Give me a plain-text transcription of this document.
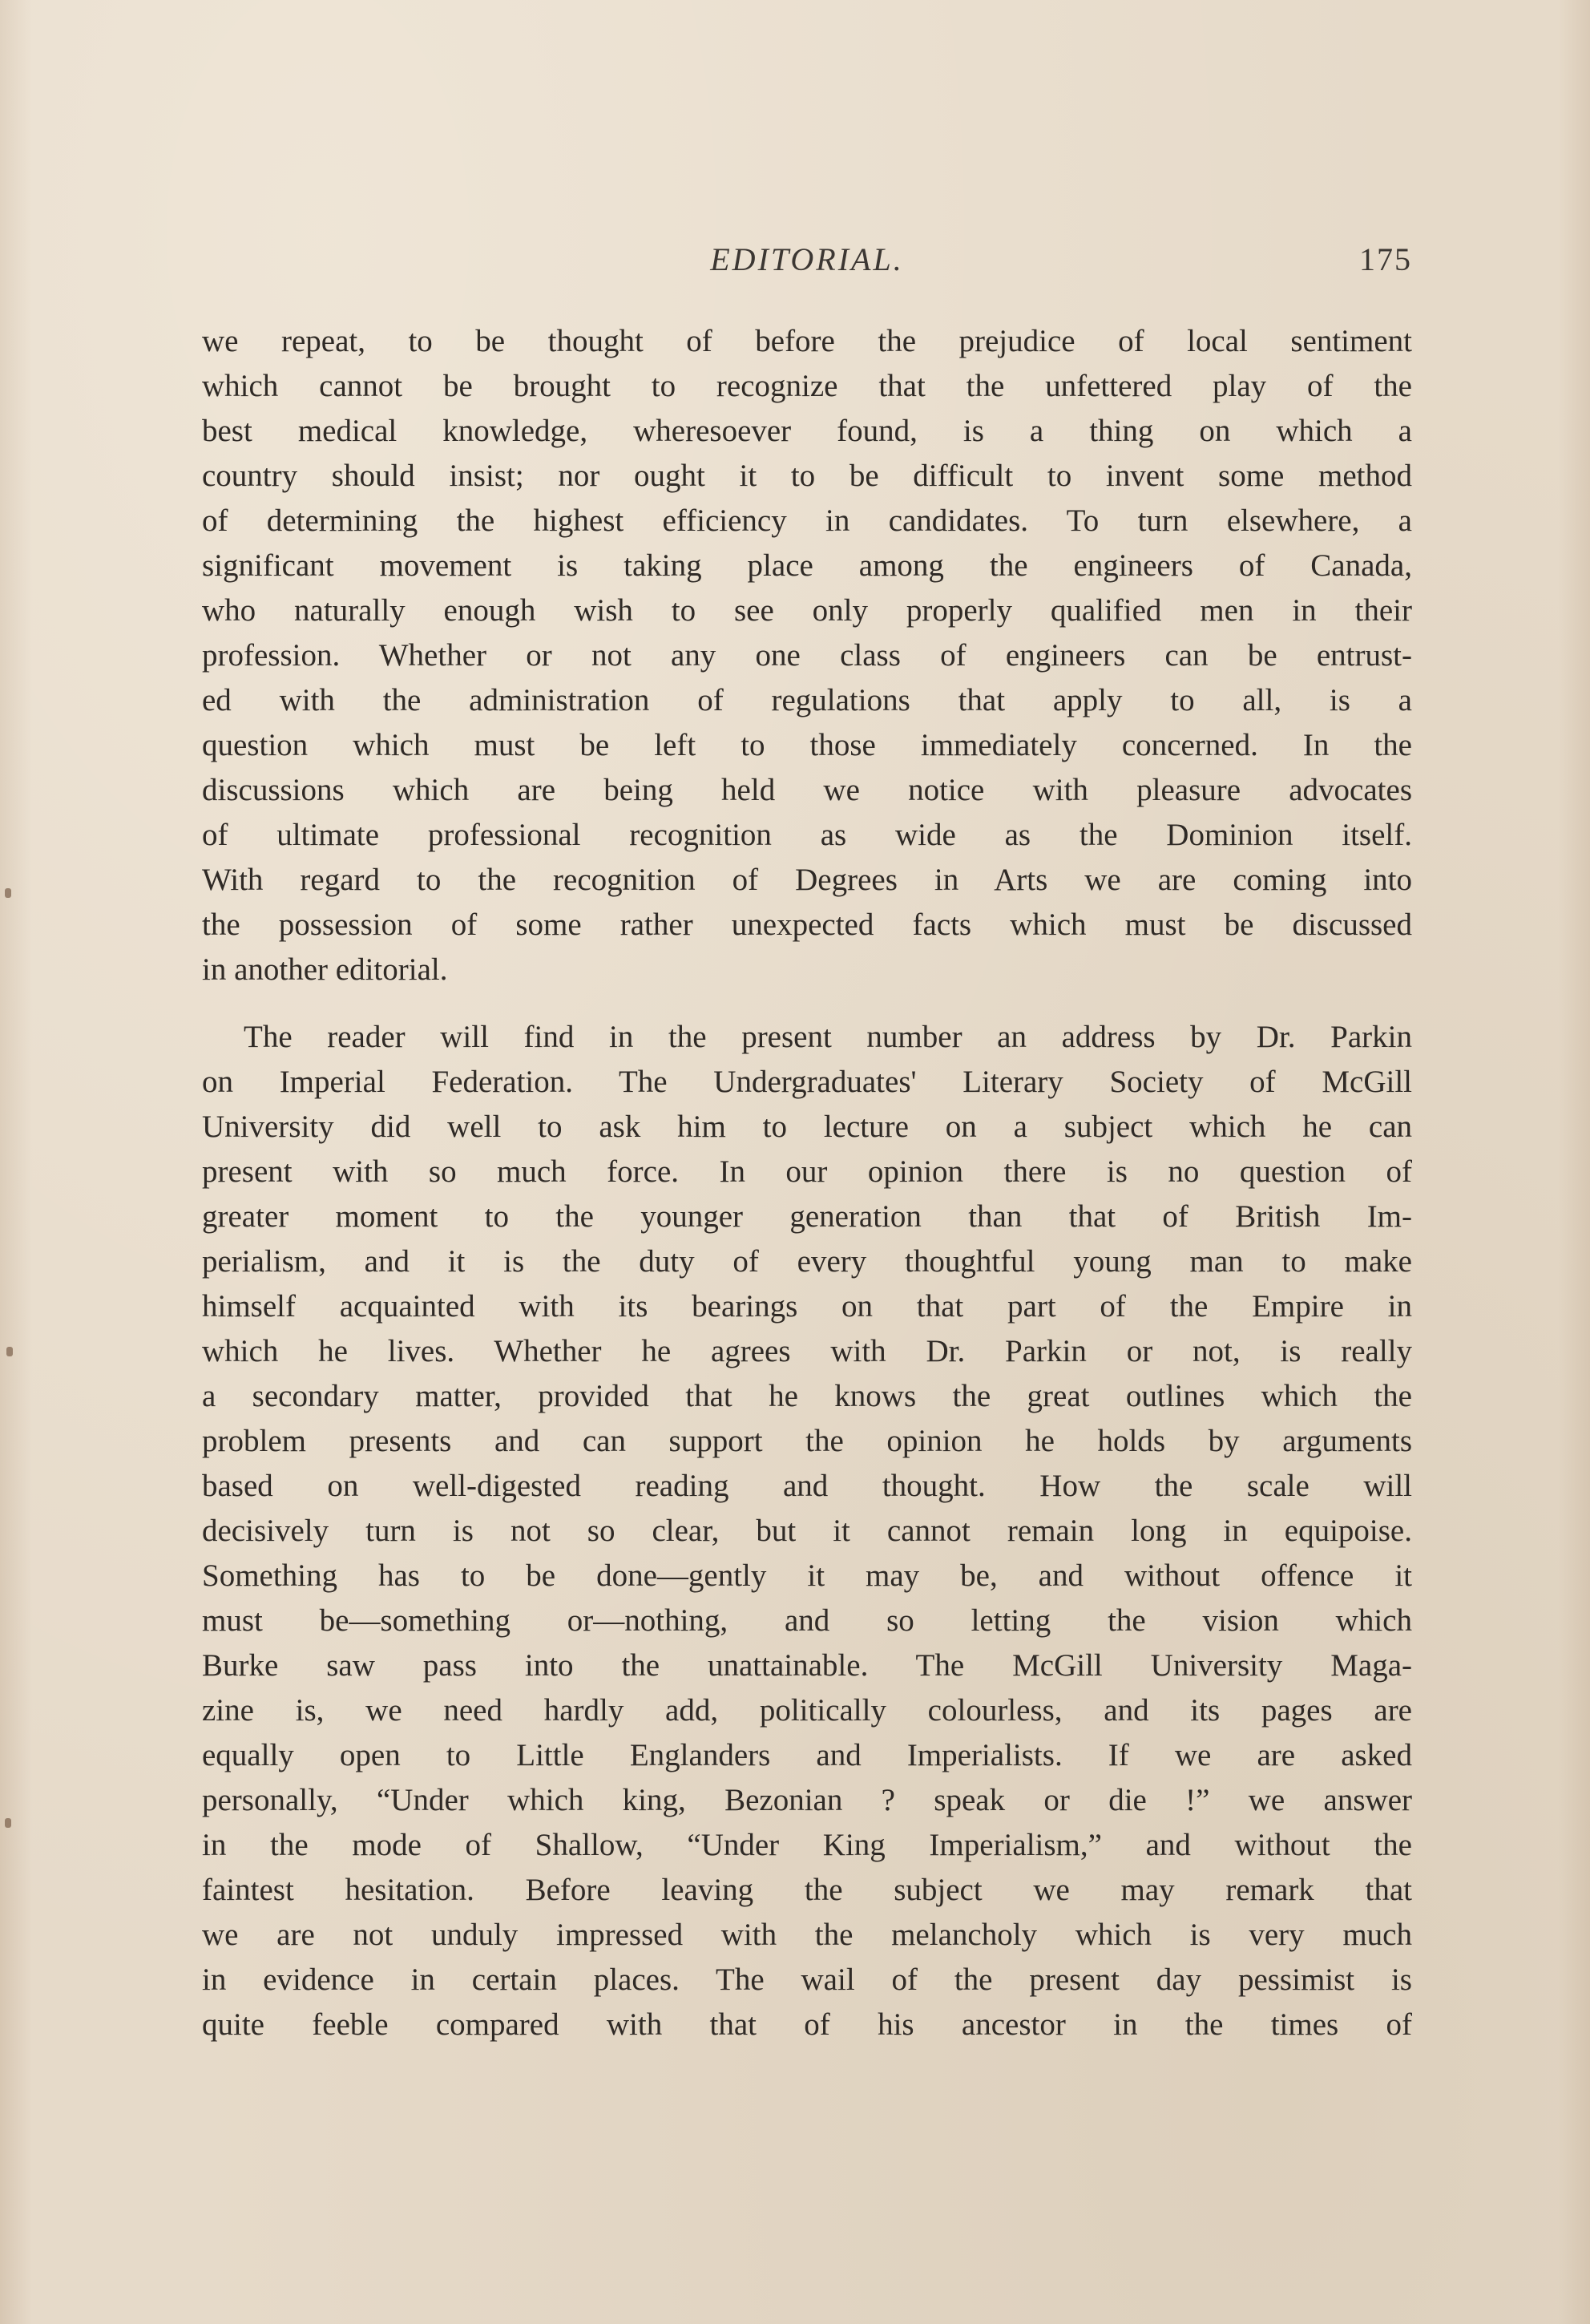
EDITORIAL.	175
we repeat, to be thought of before the prejudice of local sentiment
which cannot be brought to recognize that the unfettered play of the
best medical knowledge, wheresoever found, is a thing on which a
country should insist; nor ought it to be difficult to invent some method
of determining the highest efficiency in candidates. To turn elsewhere, a
significant movement is taking place among the engineers of Canada,
who naturally enough wish to see only properly qualified men in their
profession. Whether or not any one class of engineers can be entrust-
ed with the administration of regulations that apply to all, is a
question which must be left to those immediately concerned. In the
discussions which are being held we notice with pleasure advocates
of ultimate professional recognition as wide as the Dominion itself.
With regard to the recognition of Degrees in Arts we are coming into
the possession of some rather unexpected facts which must be discussed
in another editorial.
The reader will find in the present number an address by Dr. Parkin
on Imperial Federation. The Undergraduates' Literary Society of McGill
University did well to ask him to lecture on a subject which he can
present with so much force. In our opinion there is no question of
greater moment to the younger generation than that of British Im-
perialism, and it is the duty of every thoughtful young man to make
himself acquainted with its bearings on that part of the Empire in
which he lives. Whether he agrees with Dr. Parkin or not, is really
a secondary matter, provided that he knows the great outlines which the
problem presents and can support the opinion he holds by arguments
based on well-digested reading and thought. How the scale will
decisively turn is not so clear, but it cannot remain long in equipoise.
Something has to be done—gently it may be, and without offence it
must be—something or—nothing, and so letting the vision which
Burke saw pass into the unattainable. The McGill University Maga-
zine is, we need hardly add, politically colourless, and its pages are
equally open to Little Englanders and Imperialists. If we are asked
personally, “Under which king, Bezonian ? speak or die !” we answer
in the mode of Shallow, “Under King Imperialism,” and without the
faintest hesitation. Before leaving the subject we may remark that
we are not unduly impressed with the melancholy which is very much
in evidence in certain places. The wail of the present day pessimist is
quite feeble compared with that of his ancestor in the times of
